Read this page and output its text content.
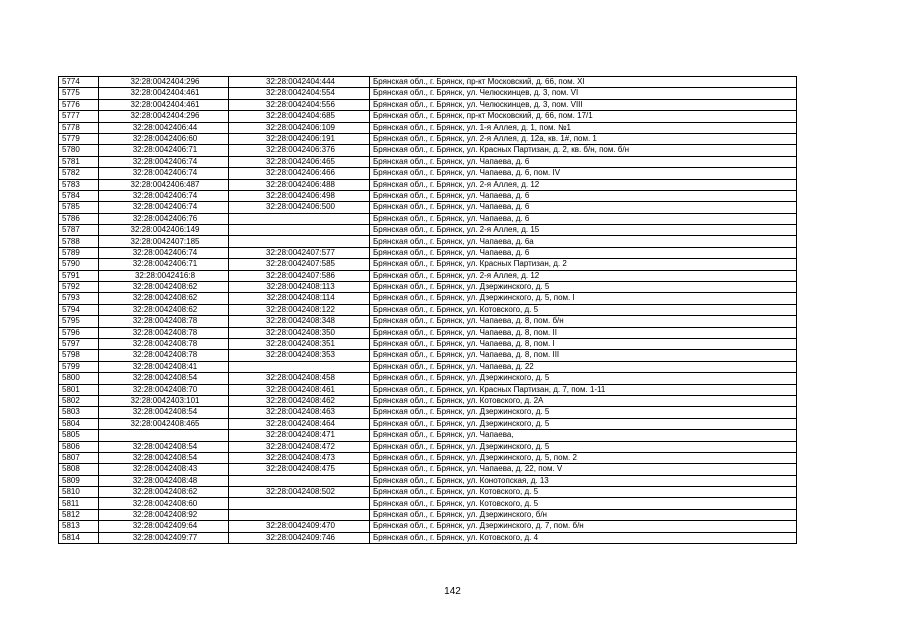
5774	32:28:0042404:296	32:28:0042404:444	Брянская обл., г. Брянск, пр-кт Московский, д. 66, пом. XI
5775	32:28:0042404:461	32:28:0042404:554	Брянская обл., г. Брянск, ул. Челюскинцев, д. 3, пом. VI
5776	32:28:0042404:461	32:28:0042404:556	Брянская обл., г. Брянск, ул. Челюскинцев, д. 3, пом. VIII
5777	32:28:0042404:296	32:28:0042404:685	Брянская обл., г. Брянск, пр-кт Московский, д. 66, пом. 17/1
5778	32:28:0042406:44	32:28:0042406:109	Брянская обл., г. Брянск, ул. 1-я Аллея, д. 1, пом. №1
5779	32:28:0042406:60	32:28:0042406:191	Брянская обл., г. Брянск, ул. 2-я Аллея, д. 12а, кв. 1#, пом. 1
5780	32:28:0042406:71	32:28:0042406:376	Брянская обл., г. Брянск, ул. Красных Партизан, д. 2, кв. б/н, пом. б/н
5781	32:28:0042406:74	32:28:0042406:465	Брянская обл., г. Брянск, ул. Чапаева, д. 6
5782	32:28:0042406:74	32:28:0042406:466	Брянская обл., г. Брянск, ул. Чапаева, д. 6, пом. IV
5783	32:28:0042406:487	32:28:0042406:488	Брянская обл., г. Брянск, ул. 2-я Аллея, д. 12
5784	32:28:0042406:74	32:28:0042406:498	Брянская обл., г. Брянск, ул. Чапаева, д. 6
5785	32:28:0042406:74	32:28:0042406:500	Брянская обл., г. Брянск, ул. Чапаева, д. 6
5786	32:28:0042406:76		Брянская обл., г. Брянск, ул. Чапаева, д. 6
5787	32:28:0042406:149		Брянская обл., г. Брянск, ул. 2-я Аллея, д. 15
5788	32:28:0042407:185		Брянская обл., г. Брянск, ул. Чапаева, д. 6а
5789	32:28:0042406:74	32:28:0042407:577	Брянская обл., г. Брянск, ул. Чапаева, д. 6
5790	32:28:0042406:71	32:28:0042407:585	Брянская обл., г. Брянск, ул. Красных Партизан, д. 2
5791	32:28:0042416:8	32:28:0042407:586	Брянская обл., г. Брянск, ул. 2-я Аллея, д. 12
5792	32:28:0042408:62	32:28:0042408:113	Брянская обл., г. Брянск, ул. Дзержинского, д. 5
5793	32:28:0042408:62	32:28:0042408:114	Брянская обл., г. Брянск, ул. Дзержинского, д. 5, пом. I
5794	32:28:0042408:62	32:28:0042408:122	Брянская обл., г. Брянск, ул. Котовского, д. 5
5795	32:28:0042408:78	32:28:0042408:348	Брянская обл., г. Брянск, ул. Чапаева, д. 8, пом. б/н
5796	32:28:0042408:78	32:28:0042408:350	Брянская обл., г. Брянск, ул. Чапаева, д. 8, пом. II
5797	32:28:0042408:78	32:28:0042408:351	Брянская обл., г. Брянск, ул. Чапаева, д. 8, пом. I
5798	32:28:0042408:78	32:28:0042408:353	Брянская обл., г. Брянск, ул. Чапаева, д. 8, пом. III
5799	32:28:0042408:41		Брянская обл., г. Брянск, ул. Чапаева, д. 22
5800	32:28:0042408:54	32:28:0042408:458	Брянская обл., г. Брянск, ул. Дзержинского, д. 5
5801	32:28:0042408:70	32:28:0042408:461	Брянская обл., г. Брянск, ул. Красных Партизан, д. 7, пом. 1-11
5802	32:28:0042403:101	32:28:0042408:462	Брянская обл., г. Брянск, ул. Котовского, д. 2А
5803	32:28:0042408:54	32:28:0042408:463	Брянская обл., г. Брянск, ул. Дзержинского, д. 5
5804	32:28:0042408:465	32:28:0042408:464	Брянская обл., г. Брянск, ул. Дзержинского, д. 5
5805		32:28:0042408:471	Брянская обл., г. Брянск, ул. Чапаева,
5806	32:28:0042408:54	32:28:0042408:472	Брянская обл., г. Брянск, ул. Дзержинского, д. 5
5807	32:28:0042408:54	32:28:0042408:473	Брянская обл., г. Брянск, ул. Дзержинского, д. 5, пом. 2
5808	32:28:0042408:43	32:28:0042408:475	Брянская обл., г. Брянск, ул. Чапаева, д. 22, пом. V
5809	32:28:0042408:48		Брянская обл., г. Брянск, ул. Конотопская, д. 13
5810	32:28:0042408:62	32:28:0042408:502	Брянская обл., г. Брянск, ул. Котовского, д. 5
5811	32:28:0042408:60		Брянская обл., г. Брянск, ул. Котовского, д. 5
5812	32:28:0042408:92		Брянская обл., г. Брянск, ул. Дзержинского, б/н
5813	32:28:0042409:64	32:28:0042409:470	Брянская обл., г. Брянск, ул. Дзержинского, д. 7, пом. б/н
5814	32:28:0042409:77	32:28:0042409:746	Брянская обл., г. Брянск, ул. Котовского, д. 4
142
